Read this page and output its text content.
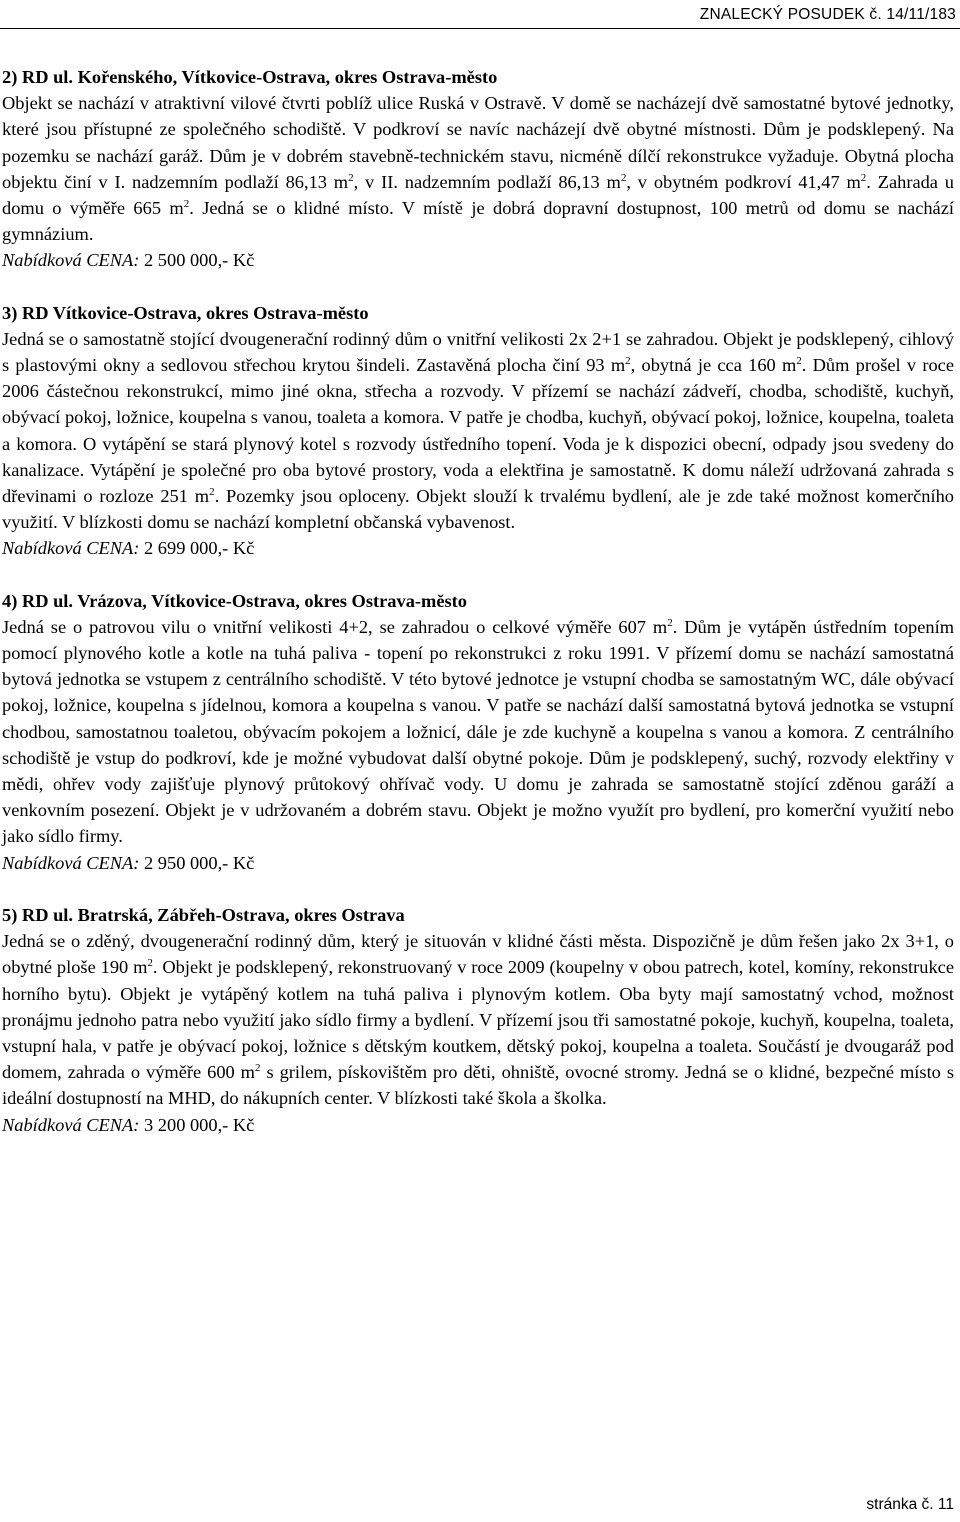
ZNALECKÝ POSUDEK č. 14/11/183
2) RD ul. Kořenského, Vítkovice-Ostrava, okres Ostrava-město
Objekt se nachází v atraktivní vilové čtvrti poblíž ulice Ruská v Ostravě. V domě se nacházejí dvě samostatné bytové jednotky, které jsou přístupné ze společného schodiště. V podkroví se navíc nacházejí dvě obytné místnosti. Dům je podsklepený. Na pozemku se nachází garáž. Dům je v dobrém stavebně-technickém stavu, nicméně dílčí rekonstrukce vyžaduje. Obytná plocha objektu činí v I. nadzemním podlaží 86,13 $m^2$, v II. nadzemním podlaží 86,13 $m^2$, v obytném podkroví 41,47 $m^2$. Zahrada u domu o výměře 665 $m^2$. Jedná se o klidné místo. V místě je dobrá dopravní dostupnost, 100 metrů od domu se nachází gymnázium.
Nabídková CENA: 2 500 000,- Kč
3) RD Vítkovice-Ostrava, okres Ostrava-město
Jedná se o samostatně stojící dvougenerační rodinný dům o vnitřní velikosti 2x 2+1 se zahradou. Objekt je podsklepený, cihlový s plastovými okny a sedlovou střechou krytou šindeli. Zastavěná plocha činí 93 $m^2$, obytná je cca 160 $m^2$. Dům prošel v roce 2006 částečnou rekonstrukcí, mimo jiné okna, střecha a rozvody. V přízemí se nachází zádveří, chodba, schodiště, kuchyň, obývací pokoj, ložnice, koupelna s vanou, toaleta a komora. V patře je chodba, kuchyň, obývací pokoj, ložnice, koupelna, toaleta a komora. O vytápění se stará plynový kotel s rozvody ústředního topení. Voda je k dispozici obecní, odpady jsou svedeny do kanalizace. Vytápění je společné pro oba bytové prostory, voda a elektřina je samostatně. K domu náleží udržovaná zahrada s dřevinami o rozloze 251 $m^2$. Pozemky jsou oploceny. Objekt slouží k trvalému bydlení, ale je zde také možnost komerčního využití. V blízkosti domu se nachází kompletní občanská vybavenost.
Nabídková CENA: 2 699 000,- Kč
4) RD ul. Vrázova, Vítkovice-Ostrava, okres Ostrava-město
Jedná se o patrovou vilu o vnitřní velikosti 4+2, se zahradou o celkové výměře 607 $m^2$. Dům je vytápěn ústředním topením pomocí plynového kotle a kotle na tuhá paliva - topení po rekonstrukci z roku 1991. V přízemí domu se nachází samostatná bytová jednotka se vstupem z centrálního schodiště. V této bytové jednotce je vstupní chodba se samostatným WC, dále obývací pokoj, ložnice, koupelna s jídelnou, komora a koupelna s vanou. V patře se nachází další samostatná bytová jednotka se vstupní chodbou, samostatnou toaletou, obývacím pokojem a ložnicí, dále je zde kuchyně a koupelna s vanou a komora. Z centrálního schodiště je vstup do podkroví, kde je možné vybudovat další obytné pokoje. Dům je podsklepený, suchý, rozvody elektřiny v mědi, ohřev vody zajišťuje plynový průtokový ohřívač vody. U domu je zahrada se samostatně stojící zděnou garáží a venkovním posezení. Objekt je v udržovaném a dobrém stavu. Objekt je možno využít pro bydlení, pro komerční využití nebo jako sídlo firmy.
Nabídková CENA: 2 950 000,- Kč
5) RD ul. Bratrská, Zábřeh-Ostrava, okres Ostrava
Jedná se o zděný, dvougenerační rodinný dům, který je situován v klidné části města. Dispozičně je dům řešen jako 2x 3+1, o obytné ploše 190 $m^2$. Objekt je podsklepený, rekonstruovaný v roce 2009 (koupelny v obou patrech, kotel, komíny, rekonstrukce horního bytu). Objekt je vytápěný kotlem na tuhá paliva i plynovým kotlem. Oba byty mají samostatný vchod, možnost pronájmu jednoho patra nebo využití jako sídlo firmy a bydlení. V přízemí jsou tři samostatné pokoje, kuchyň, koupelna, toaleta, vstupní hala, v patře je obývací pokoj, ložnice s dětským koutkem, dětský pokoj, koupelna a toaleta. Součástí je dvougaráž pod domem, zahrada o výměře 600 $m^2$ s grilem, pískovištěm pro děti, ohniště, ovocné stromy. Jedná se o klidné, bezpečné místo s ideální dostupností na MHD, do nákupních center. V blízkosti také škola a školka.
Nabídková CENA: 3 200 000,- Kč
stránka č. 11
